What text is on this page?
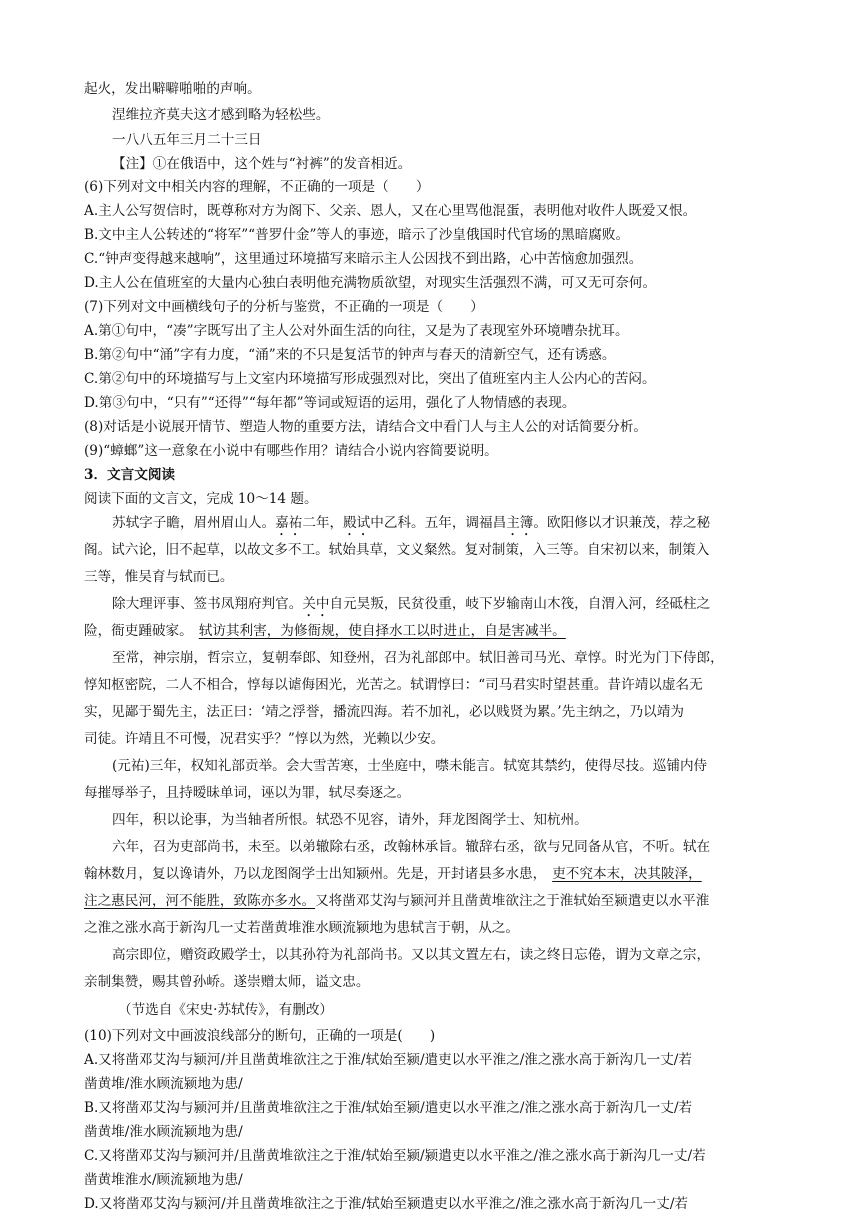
起火，发出噼噼啪啪的声响。
涅维拉齐莫夫这才感到略为轻松些。
一八八五年三月二十三日
【注】①在俄语中，这个姓与“衬裤”的发音相近。
(6)下列对文中相关内容的理解，不正确的一项是（　　）
A.主人公写贺信时，既尊称对方为阁下、父亲、恩人，又在心里骂他混蛋，表明他对收件人既爱又恨。
B.文中主人公转述的“将军”“普罗什金”等人的事迹，暗示了沙皇俄国时代官场的黑暗腐败。
C.“钟声变得越来越响”，这里通过环境描写来暗示主人公因找不到出路，心中苦恼愈加强烈。
D.主人公在值班室的大量内心独白表明他充满物质欲望，对现实生活强烈不满，可又无可奈何。
(7)下列对文中画横线句子的分析与鉴赏，不正确的一项是（　　）
A.第①句中，“凑”字既写出了主人公对外面生活的向往，又是为了表现室外环境嘈杂扰耳。
B.第②句中“涌”字有力度，“涌”来的不只是复活节的钟声与春天的清新空气，还有诱惑。
C.第②句中的环境描写与上文室内环境描写形成强烈对比，突出了值班室内主人公内心的苦闷。
D.第③句中，“只有”“还得”“每年都”等词或短语的运用，强化了人物情感的表现。
(8)对话是小说展开情节、塑造人物的重要方法，请结合文中看门人与主人公的对话简要分析。
(9)“蟑螂”这一意象在小说中有哪些作用？请结合小说内容简要说明。
3．文言文阅读
阅读下面的文言文，完成 10～14 题。
苏轼字子瞻，眉州眉山人。嘉祐二年，殿试中乙科。五年，调福昌主簿。欧阳修以才识兼茂，荐之秘
阁。试六论，旧不起草，以故文多不工。轼始具草，文义粲然。复对制策，入三等。自宋初以来，制策入
三等，惟吴育与轼而已。
除大理评事、签书凤翔府判官。关中自元昊叛，民贫役重，岐下岁输南山木筏，自渭入河，经砥柱之
险，衙吏踵破家。 轼访其利害，为修衙规，使自择水工以时进止，自是害减半。
至常，神宗崩，哲宗立，复朝奉郎、知登州，召为礼部郎中。轼旧善司马光、章惇。时光为门下侍郎，
惇知枢密院，二人不相合，惇每以谑侮困光，光苦之。轼谓惇曰：“司马君实时望甚重。昔许靖以虚名无
实，见鄙于蜀先主，法正曰：‘靖之浮誉，播流四海。若不加礼，必以贱贤为累。’先主纳之，乃以靖为
司徒。许靖且不可慢，况君实乎？”惇以为然，光赖以少安。
(元祐)三年，权知礼部贡举。会大雪苦寒，士坐庭中，噤未能言。轼宽其禁约，使得尽技。巡铺内侍
每摧辱举子，且持暧昧单词，诬以为罪，轼尽奏逐之。
四年，积以论事，为当轴者所恨。轼恐不见容，请外，拜龙图阁学士、知杭州。
六年，召为吏部尚书，未至。以弟辙除右丞，改翰林承旨。辙辞右丞，欲与兄同备从官，不听。轼在
翰林数月，复以谗请外，乃以龙图阁学士出知颍州。先是，开封诸县多水患， 吏不究本末，决其陂泽，
注之惠民河，河不能胜，致陈亦多水。又将凿邓艾沟与颍河并且凿黄堆欲注之于淮轼始至颍遣吏以水平淮
之淮之涨水高于新沟几一丈若凿黄堆淮水顾流颍地为患轼言于朝，从之。
高宗即位，赠资政殿学士，以其孙符为礼部尚书。又以其文置左右，读之终日忘倦，谓为文章之宗，
亲制集赞，赐其曾孙峤。遂崇赠太师，谥文忠。
（节选自《宋史·苏轼传》，有删改）
(10)下列对文中画波浪线部分的断句，正确的一项是(　　)
A.又将凿邓艾沟与颍河/并且凿黄堆欲注之于淮/轼始至颍/遣吏以水平淮之/淮之涨水高于新沟几一丈/若
凿黄堆/淮水顾流颍地为患/
B.又将凿邓艾沟与颍河并/且凿黄堆欲注之于淮/轼始至颍/遣吏以水平淮之/淮之涨水高于新沟几一丈/若
凿黄堆/淮水顾流颍地为患/
C.又将凿邓艾沟与颍河并/且凿黄堆欲注之于淮/轼始至颍/颍遣吏以水平淮之/淮之涨水高于新沟几一丈/若
凿黄堆淮水/顾流颍地为患/
D.又将凿邓艾沟与颍河/并且凿黄堆欲注之于淮/轼始至颍遣吏以水平淮之/淮之涨水高于新沟几一丈/若
